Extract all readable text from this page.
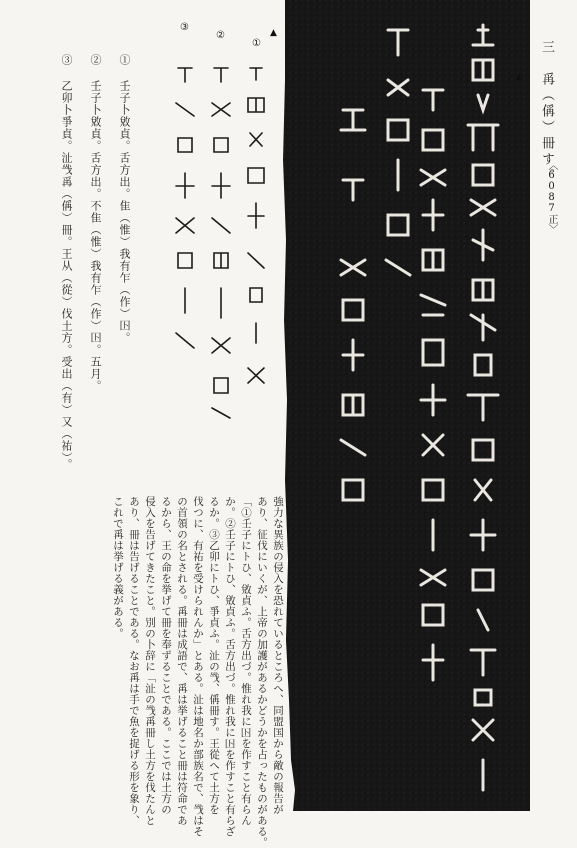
三　爯（偁）冊す。
〈6087正〉
▲
▲
①
②
③
① 壬子卜敓貞。舌方出。隹（惟）我有乍（作）𡆥。
② 壬子卜敓貞。舌方出。不隹（惟）我有乍（作）𡆥。五月。
③ 乙卯卜爭貞。沚㦰爯（偁）冊。王从（從）伐土方。受出（有）又（祐）。
3
強力な異族の侵入を恐れているところへ、同盟国から敵の報告が
あり、征伐にいくが、上帝の加護があるかどうかを占ったものがある。
「①壬子にトひ、敓貞ふ。舌方出づ。惟れ我に𡆥を作すこと有らん
か。②壬子にトひ、敓貞ふ。舌方出づ。惟れ我に𡆥を作すこと有らざ
るか。③乙卯にトひ、爭貞ふ。沚の㦰、偁冊す。王從へて土方を
伐つに、有祐を受けられんか」とある。沚は地名か部族名で、㦰はそ
の首領の名とされる。爯冊は成語で、爯は挙げること冊は符命であ
るから、王の命を挙げて冊を奉ずることである。ここでは土方の
侵入を告げてきたこと。別の卜辞に「沚の㦰爯冊し土方を伐たんと
あり、冊は告げることである。なお爯は手で魚を捉げる形を象り、
これで爯は挙げる義がある。
